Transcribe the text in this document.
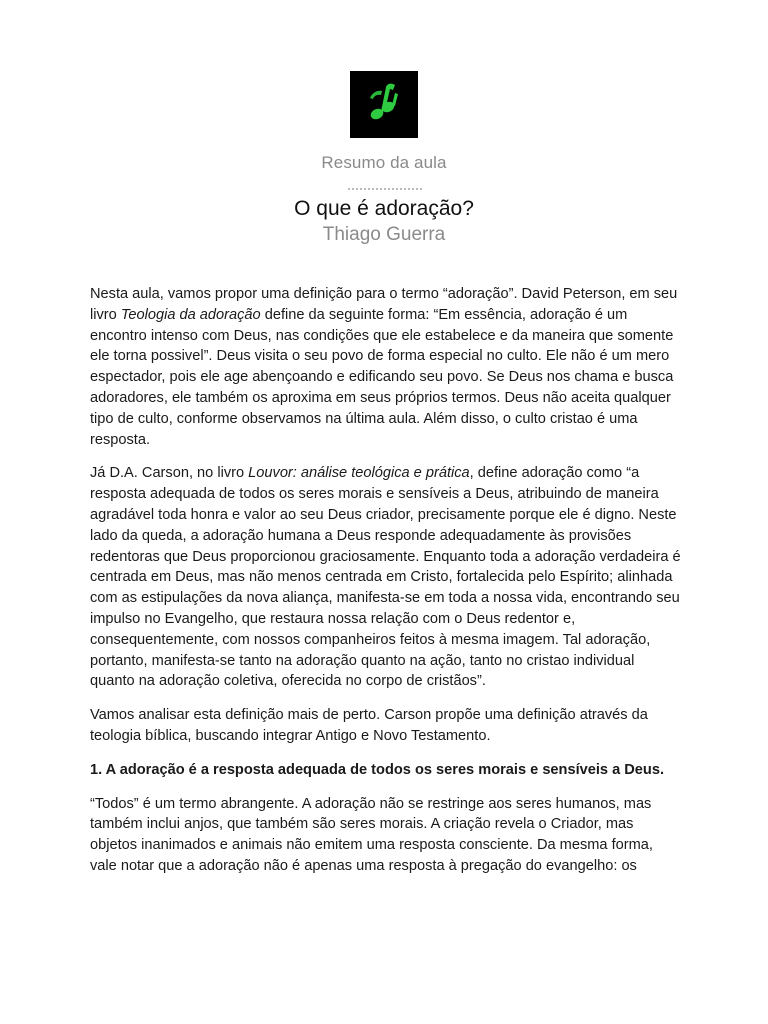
Resumo da aula
O que é adoração?
Thiago Guerra

Nesta aula, vamos propor uma definição para o termo “adoração”. David Peterson, em seu livro Teologia da adoração define da seguinte forma: “Em essência, adoração é um encontro intenso com Deus, nas condições que ele estabelece e da maneira que somente ele torna possivel”. Deus visita o seu povo de forma especial no culto. Ele não é um mero espectador, pois ele age abençoando e edificando seu povo. Se Deus nos chama e busca adoradores, ele também os aproxima em seus próprios termos. Deus não aceita qualquer tipo de culto, conforme observamos na última aula. Além disso, o culto cristao é uma resposta.

Já D.A. Carson, no livro Louvor: análise teológica e prática, define adoração como “a resposta adequada de todos os seres morais e sensíveis a Deus, atribuindo de maneira agradável toda honra e valor ao seu Deus criador, precisamente porque ele é digno. Neste lado da queda, a adoração humana a Deus responde adequadamente às provisões redentoras que Deus proporcionou graciosamente. Enquanto toda a adoração verdadeira é centrada em Deus, mas não menos centrada em Cristo, fortalecida pelo Espírito; alinhada com as estipulações da nova aliança, manifesta-se em toda a nossa vida, encontrando seu impulso no Evangelho, que restaura nossa relação com o Deus redentor e, consequentemente, com nossos companheiros feitos à mesma imagem. Tal adoração, portanto, manifesta-se tanto na adoração quanto na ação, tanto no cristao individual quanto na adoração coletiva, oferecida no corpo de cristãos”.

Vamos analisar esta definição mais de perto. Carson propõe uma definição através da teologia bíblica, buscando integrar Antigo e Novo Testamento.

1. A adoração é a resposta adequada de todos os seres morais e sensíveis a Deus.

“Todos” é um termo abrangente. A adoração não se restringe aos seres humanos, mas também inclui anjos, que também são seres morais. A criação revela o Criador, mas objetos inanimados e animais não emitem uma resposta consciente. Da mesma forma, vale notar que a adoração não é apenas uma resposta à pregação do evangelho: os
